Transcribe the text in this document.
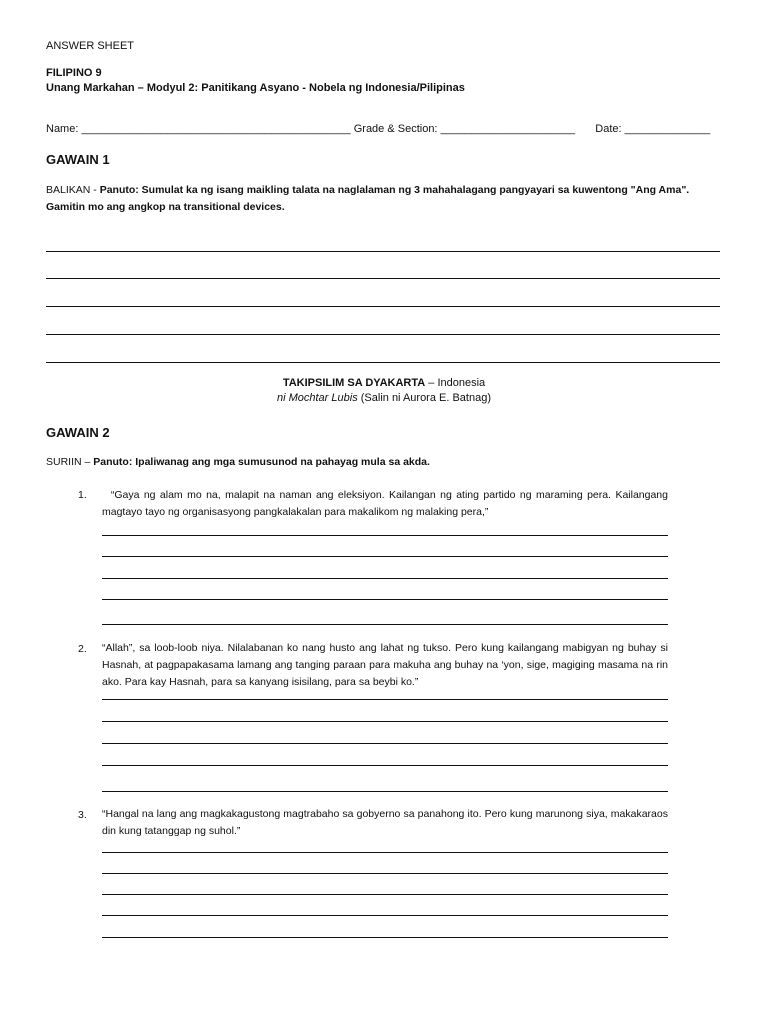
ANSWER SHEET
FILIPINO 9
Unang Markahan – Modyul 2: Panitikang Asyano - Nobela ng Indonesia/Pilipinas
Name: ____________________________________________ Grade & Section: ______________________ Date: ______________
GAWAIN 1
BALIKAN - Panuto: Sumulat ka ng isang maikling talata na naglalaman ng 3 mahahalagang pangyayari sa kuwentong "Ang Ama". Gamitin mo ang angkop na transitional devices.
TAKIPSILIM SA DYAKARTA – Indonesia
ni Mochtar Lubis (Salin ni Aurora E. Batnag)
GAWAIN 2
SURIIN – Panuto: Ipaliwanag ang mga sumusunod na pahayag mula sa akda.
1. “Gaya ng alam mo na, malapit na naman ang eleksiyon. Kailangan ng ating partido ng maraming pera. Kailangang magtayo tayo ng organisasyong pangkalakalan para makalikom ng malaking pera,”
2. “Allah”, sa loob-loob niya. Nilalabanan ko nang husto ang lahat ng tukso. Pero kung kailangang mabigyan ng buhay si Hasnah, at pagpapakasama lamang ang tanging paraan para makuha ang buhay na ‘yon, sige, magiging masama na rin ako. Para kay Hasnah, para sa kanyang isisilang, para sa beybi ko.”
3. “Hangal na lang ang magkakagustong magtrabaho sa gobyerno sa panahong ito. Pero kung marunong siya, makakaraos din kung tatanggap ng suhol.”
